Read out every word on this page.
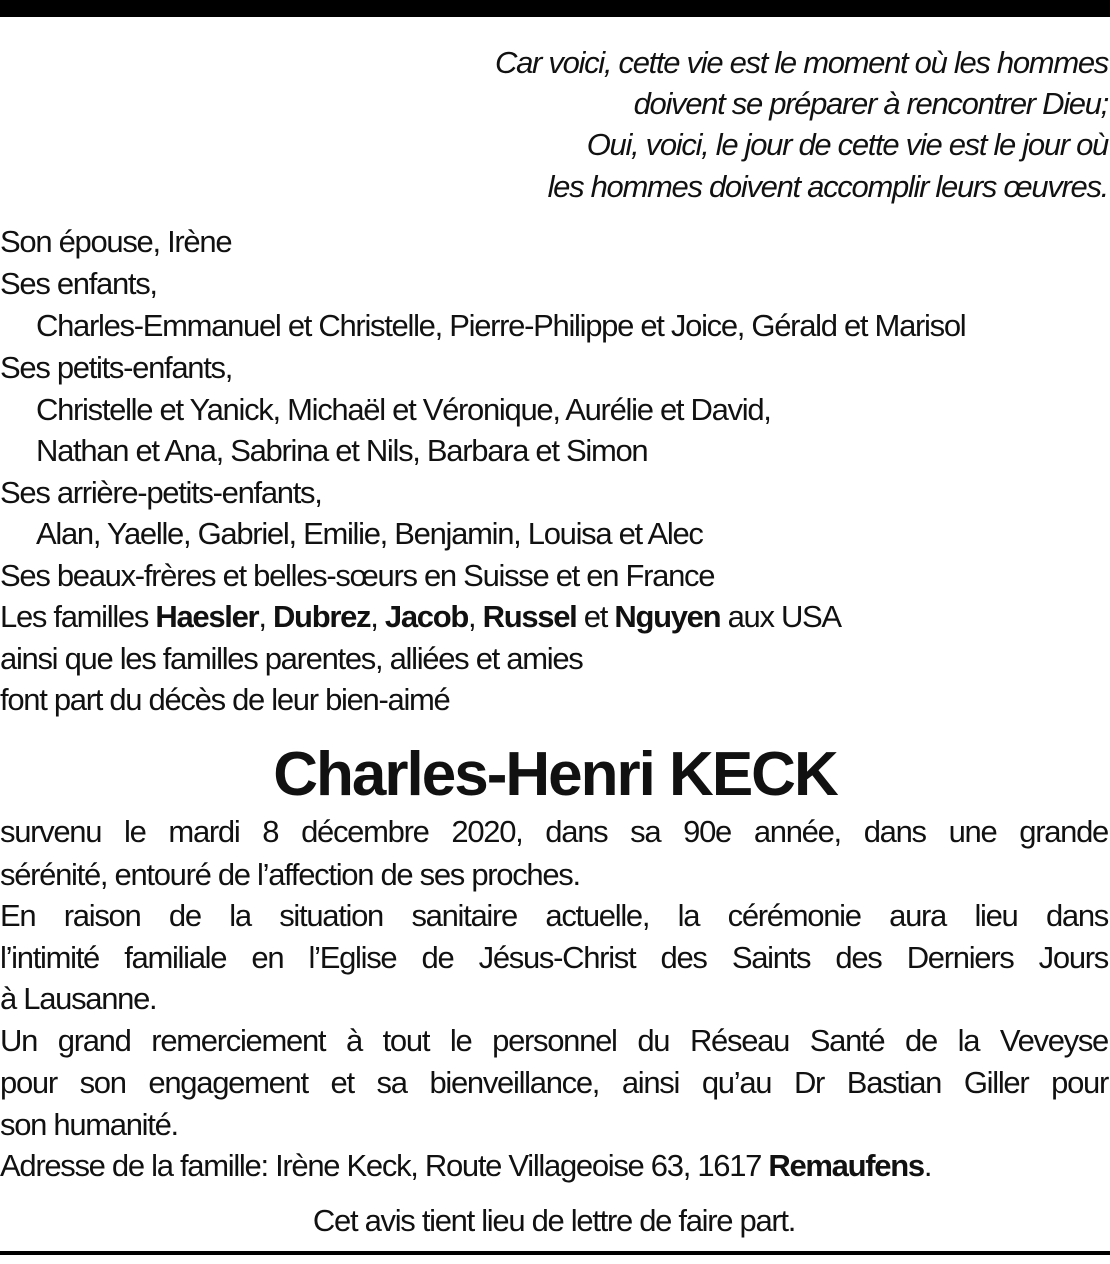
Car voici, cette vie est le moment où les hommes
doivent se préparer à rencontrer Dieu;
Oui, voici, le jour de cette vie est le jour où
les hommes doivent accomplir leurs œuvres.
Son épouse, Irène
Ses enfants,
Charles-Emmanuel et Christelle, Pierre-Philippe et Joice, Gérald et Marisol
Ses petits-enfants,
Christelle et Yanick, Michaël et Véronique, Aurélie et David,
Nathan et Ana, Sabrina et Nils, Barbara et Simon
Ses arrière-petits-enfants,
Alan, Yaelle, Gabriel, Emilie, Benjamin, Louisa et Alec
Ses beaux-frères et belles-sœurs en Suisse et en France
Les familles Haesler, Dubrez, Jacob, Russel et Nguyen aux USA
ainsi que les familles parentes, alliées et amies
font part du décès de leur bien-aimé
Charles-Henri KECK
survenu le mardi 8 décembre 2020, dans sa 90e année, dans une grande
sérénité, entouré de l’affection de ses proches.
En raison de la situation sanitaire actuelle, la cérémonie aura lieu dans
l’intimité familiale en l’Eglise de Jésus-Christ des Saints des Derniers Jours
à Lausanne.
Un grand remerciement à tout le personnel du Réseau Santé de la Veveyse
pour son engagement et sa bienveillance, ainsi qu’au Dr Bastian Giller pour
son humanité.
Adresse de la famille: Irène Keck, Route Villageoise 63, 1617 Remaufens.
Cet avis tient lieu de lettre de faire part.
